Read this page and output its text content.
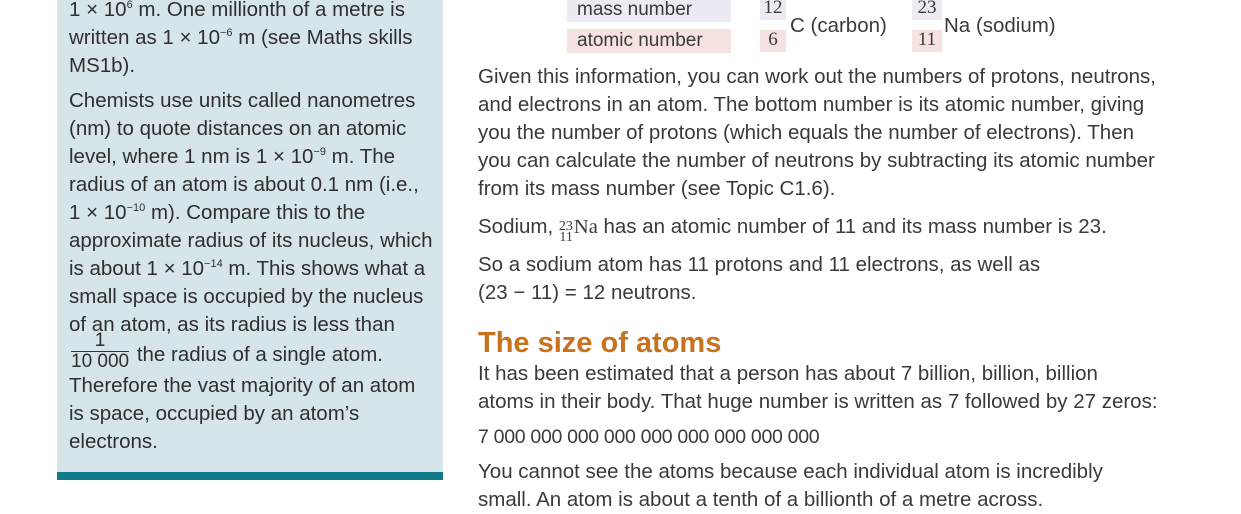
$1 \times 10^6$ m. One millionth of a metre is
written as $1 \times 10^{-6}$ m (see Maths skills
MS1b).

Chemists use units called nanometres (nm) to quote distances on an atomic level, where 1 nm is $1 \times 10^{-9}$ m. The radius of an atom is about 0.1 nm (i.e., $1 \times 10^{-10}$ m). Compare this to the approximate radius of its nucleus, which is about $1 \times 10^{-14}$ m. This shows what a small space is occupied by the nucleus of an atom, as its radius is less than
$\frac{1}{10 000}$ the radius of a single atom. Therefore the vast majority of an atom is space, occupied by an atom’s electrons.

mass number
atomic number
12
6
C (carbon)
23
11
Na (sodium)

Given this information, you can work out the numbers of protons, neutrons, and electrons in an atom. The bottom number is its atomic number, giving you the number of protons (which equals the number of electrons). Then you can calculate the number of neutrons by subtracting its atomic number from its mass number (see Topic C1.6).

Sodium, 23
11 Na has an atomic number of 11 and its mass number is 23.

So a sodium atom has 11 protons and 11 electrons, as well as
(23 − 11) = 12 neutrons.

The size of atoms

It has been estimated that a person has about 7 billion, billion, billion
atoms in their body. That huge number is written as 7 followed by 27 zeros:

7 000 000 000 000 000 000 000 000 000

You cannot see the atoms because each individual atom is incredibly
small. An atom is about a tenth of a billionth of a metre across.
